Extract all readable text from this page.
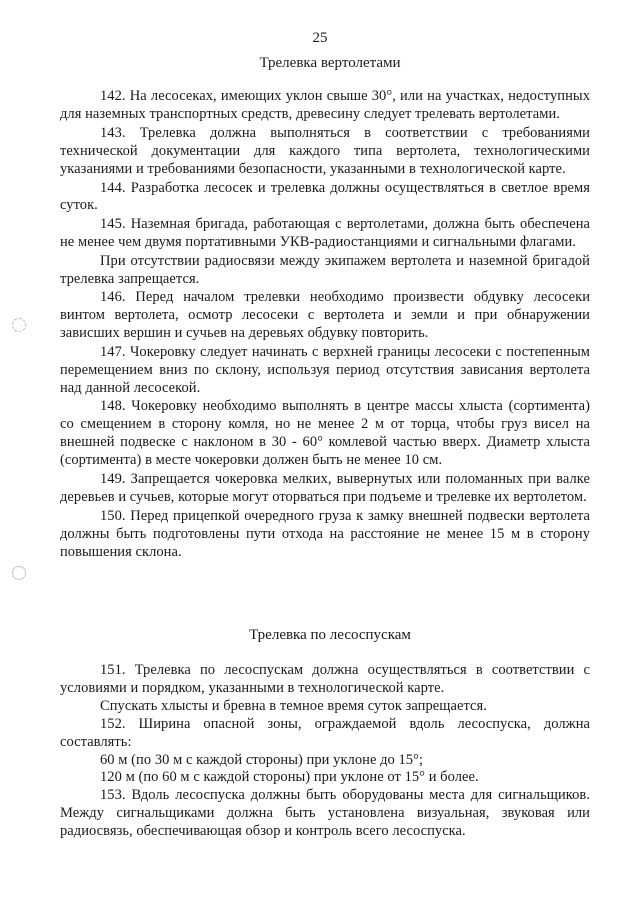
25
Трелевка вертолетами

142. На лесосеках, имеющих уклон свыше 30°, или на участках, недоступных для наземных транспортных средств, древесину следует трелевать вертолетами.

143. Трелевка должна выполняться в соответствии с требованиями технической документации для каждого типа вертолета, технологическими указаниями и требованиями безопасности, указанными в технологической карте.

144. Разработка лесосек и трелевка должны осуществляться в светлое время суток.

145. Наземная бригада, работающая с вертолетами, должна быть обеспечена не менее чем двумя портативными УКВ-радиостанциями и сигнальными флагами.

При отсутствии радиосвязи между экипажем вертолета и наземной бригадой трелевка запрещается.

146. Перед началом трелевки необходимо произвести обдувку лесосеки винтом вертолета, осмотр лесосеки с вертолета и земли и при обнаружении зависших вершин и сучьев на деревьях обдувку повторить.

147. Чокеровку следует начинать с верхней границы лесосеки с постепенным перемещением вниз по склону, используя период отсутствия зависания вертолета над данной лесосекой.

148. Чокеровку необходимо выполнять в центре массы хлыста (сортимента) со смещением в сторону комля, но не менее 2 м от торца, чтобы груз висел на внешней подвеске с наклоном в 30 - 60° комлевой частью вверх. Диаметр хлыста (сортимента) в месте чокеровки должен быть не менее 10 см.

149. Запрещается чокеровка мелких, вывернутых или поломанных при валке деревьев и сучьев, которые могут оторваться при подъеме и трелевке их вертолетом.

150. Перед прицепкой очередного груза к замку внешней подвески вертолета должны быть подготовлены пути отхода на расстояние не менее 15 м в сторону повышения склона.

Трелевка по лесоспускам

151. Трелевка по лесоспускам должна осуществляться в соответствии с условиями и порядком, указанными в технологической карте.

Спускать хлысты и бревна в темное время суток запрещается.

152. Ширина опасной зоны, ограждаемой вдоль лесоспуска, должна составлять:

60 м (по 30 м с каждой стороны) при уклоне до 15°;

120 м (по 60 м с каждой стороны) при уклоне от 15° и более.

153. Вдоль лесоспуска должны быть оборудованы места для сигнальщиков. Между сигнальщиками должна быть установлена визуальная, звуковая или радиосвязь, обеспечивающая обзор и контроль всего лесоспуска.
